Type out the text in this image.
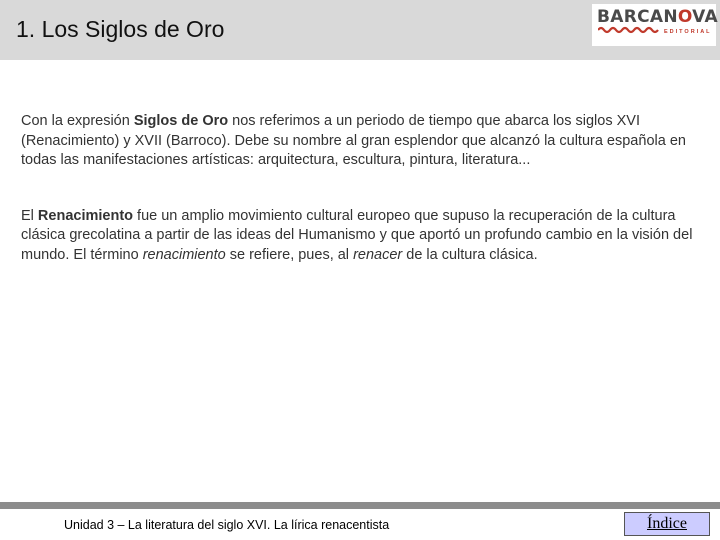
1. Los Siglos de Oro	BARCANOVA
EDITORIAL

Con la expresión Siglos de Oro nos referimos a un periodo de tiempo que abarca los siglos XVI (Renacimiento) y XVII (Barroco). Debe su nombre al gran esplendor que alcanzó la cultura española en todas las manifestaciones artísticas: arquitectura, escultura, pintura, literatura...

El Renacimiento fue un amplio movimiento cultural europeo que supuso la recuperación de la cultura clásica grecolatina a partir de las ideas del Humanismo y que aportó un profundo cambio en la visión del mundo. El término renacimiento se refiere, pues, al renacer de la cultura clásica.

Unidad 3 – La literatura del siglo XVI. La lírica renacentista	Índice
